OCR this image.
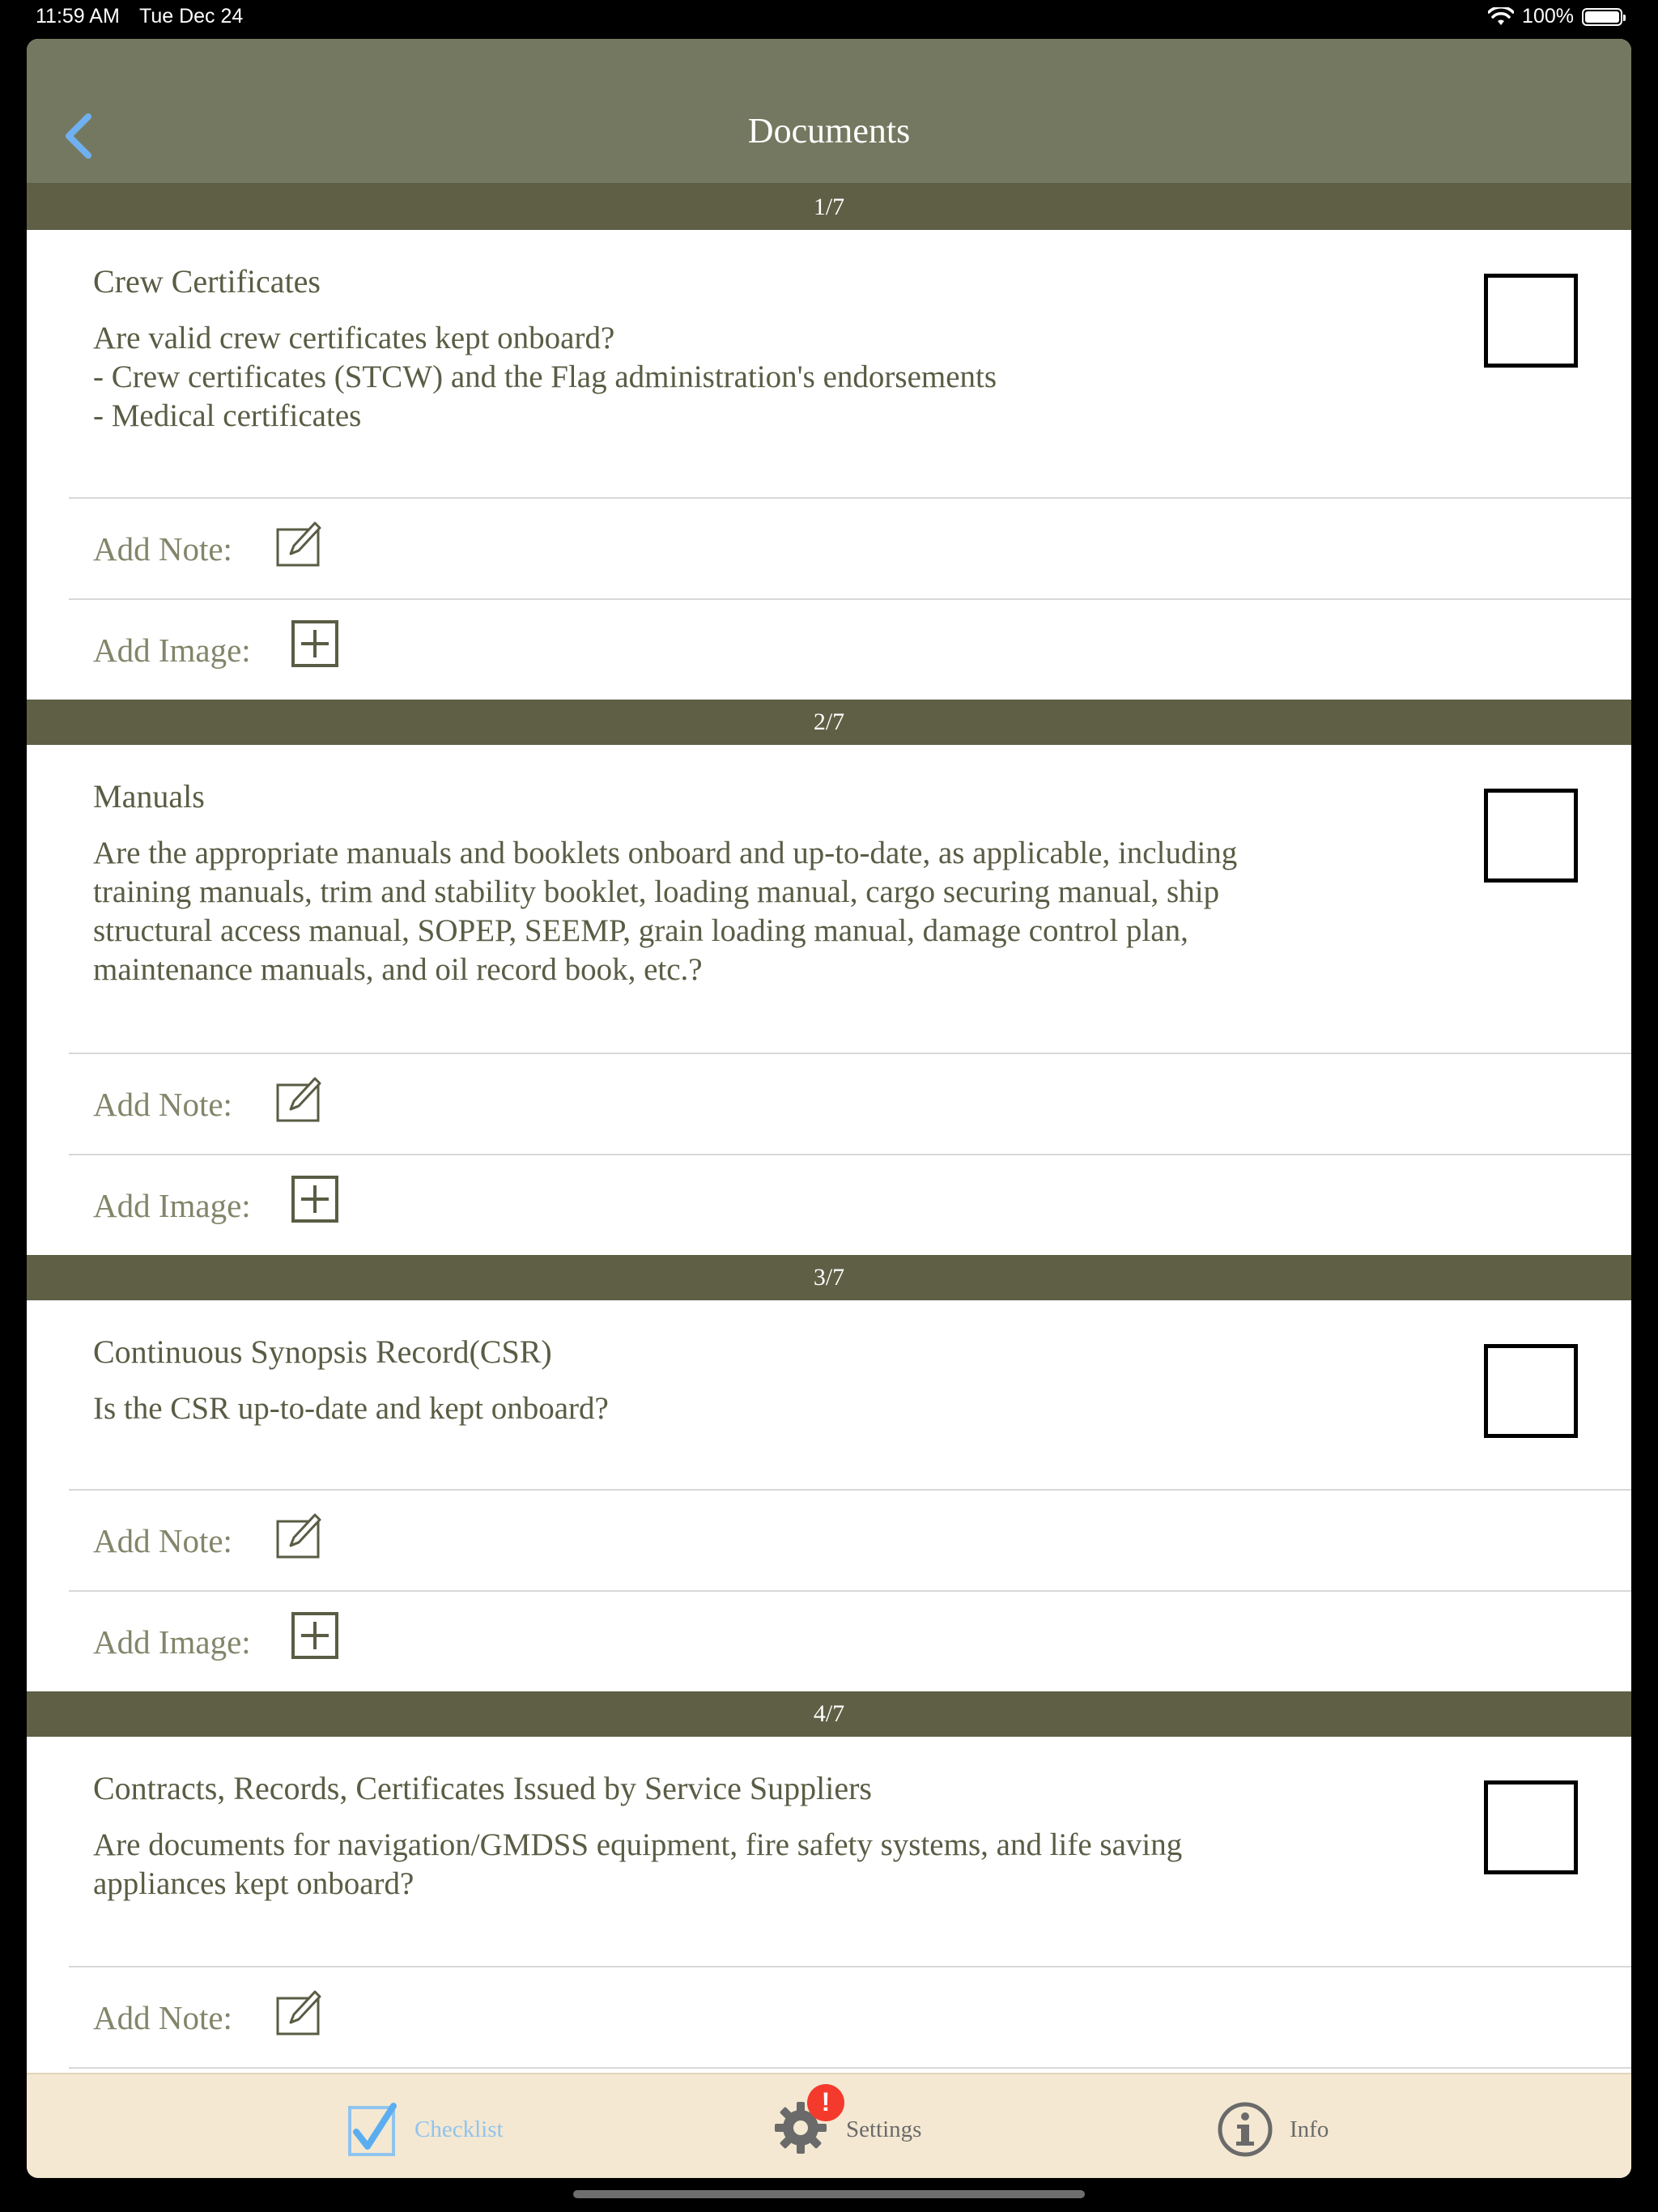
11:59 AM Tue Dec 24	100%
Documents
1/7
Crew Certificates
Are valid crew certificates kept onboard?
- Crew certificates (STCW) and the Flag administration's endorsements
- Medical certificates
Add Note:
Add Image:
2/7
Manuals
Are the appropriate manuals and booklets onboard and up-to-date, as applicable, including
training manuals, trim and stability booklet, loading manual, cargo securing manual, ship
structural access manual, SOPEP, SEEMP, grain loading manual, damage control plan,
maintenance manuals, and oil record book, etc.?
Add Note:
Add Image:
3/7
Continuous Synopsis Record(CSR)
Is the CSR up-to-date and kept onboard?
Add Note:
Add Image:
4/7
Contracts, Records, Certificates Issued by Service Suppliers
Are documents for navigation/GMDSS equipment, fire safety systems, and life saving
appliances kept onboard?
Add Note:
Checklist
!
Settings	Info
